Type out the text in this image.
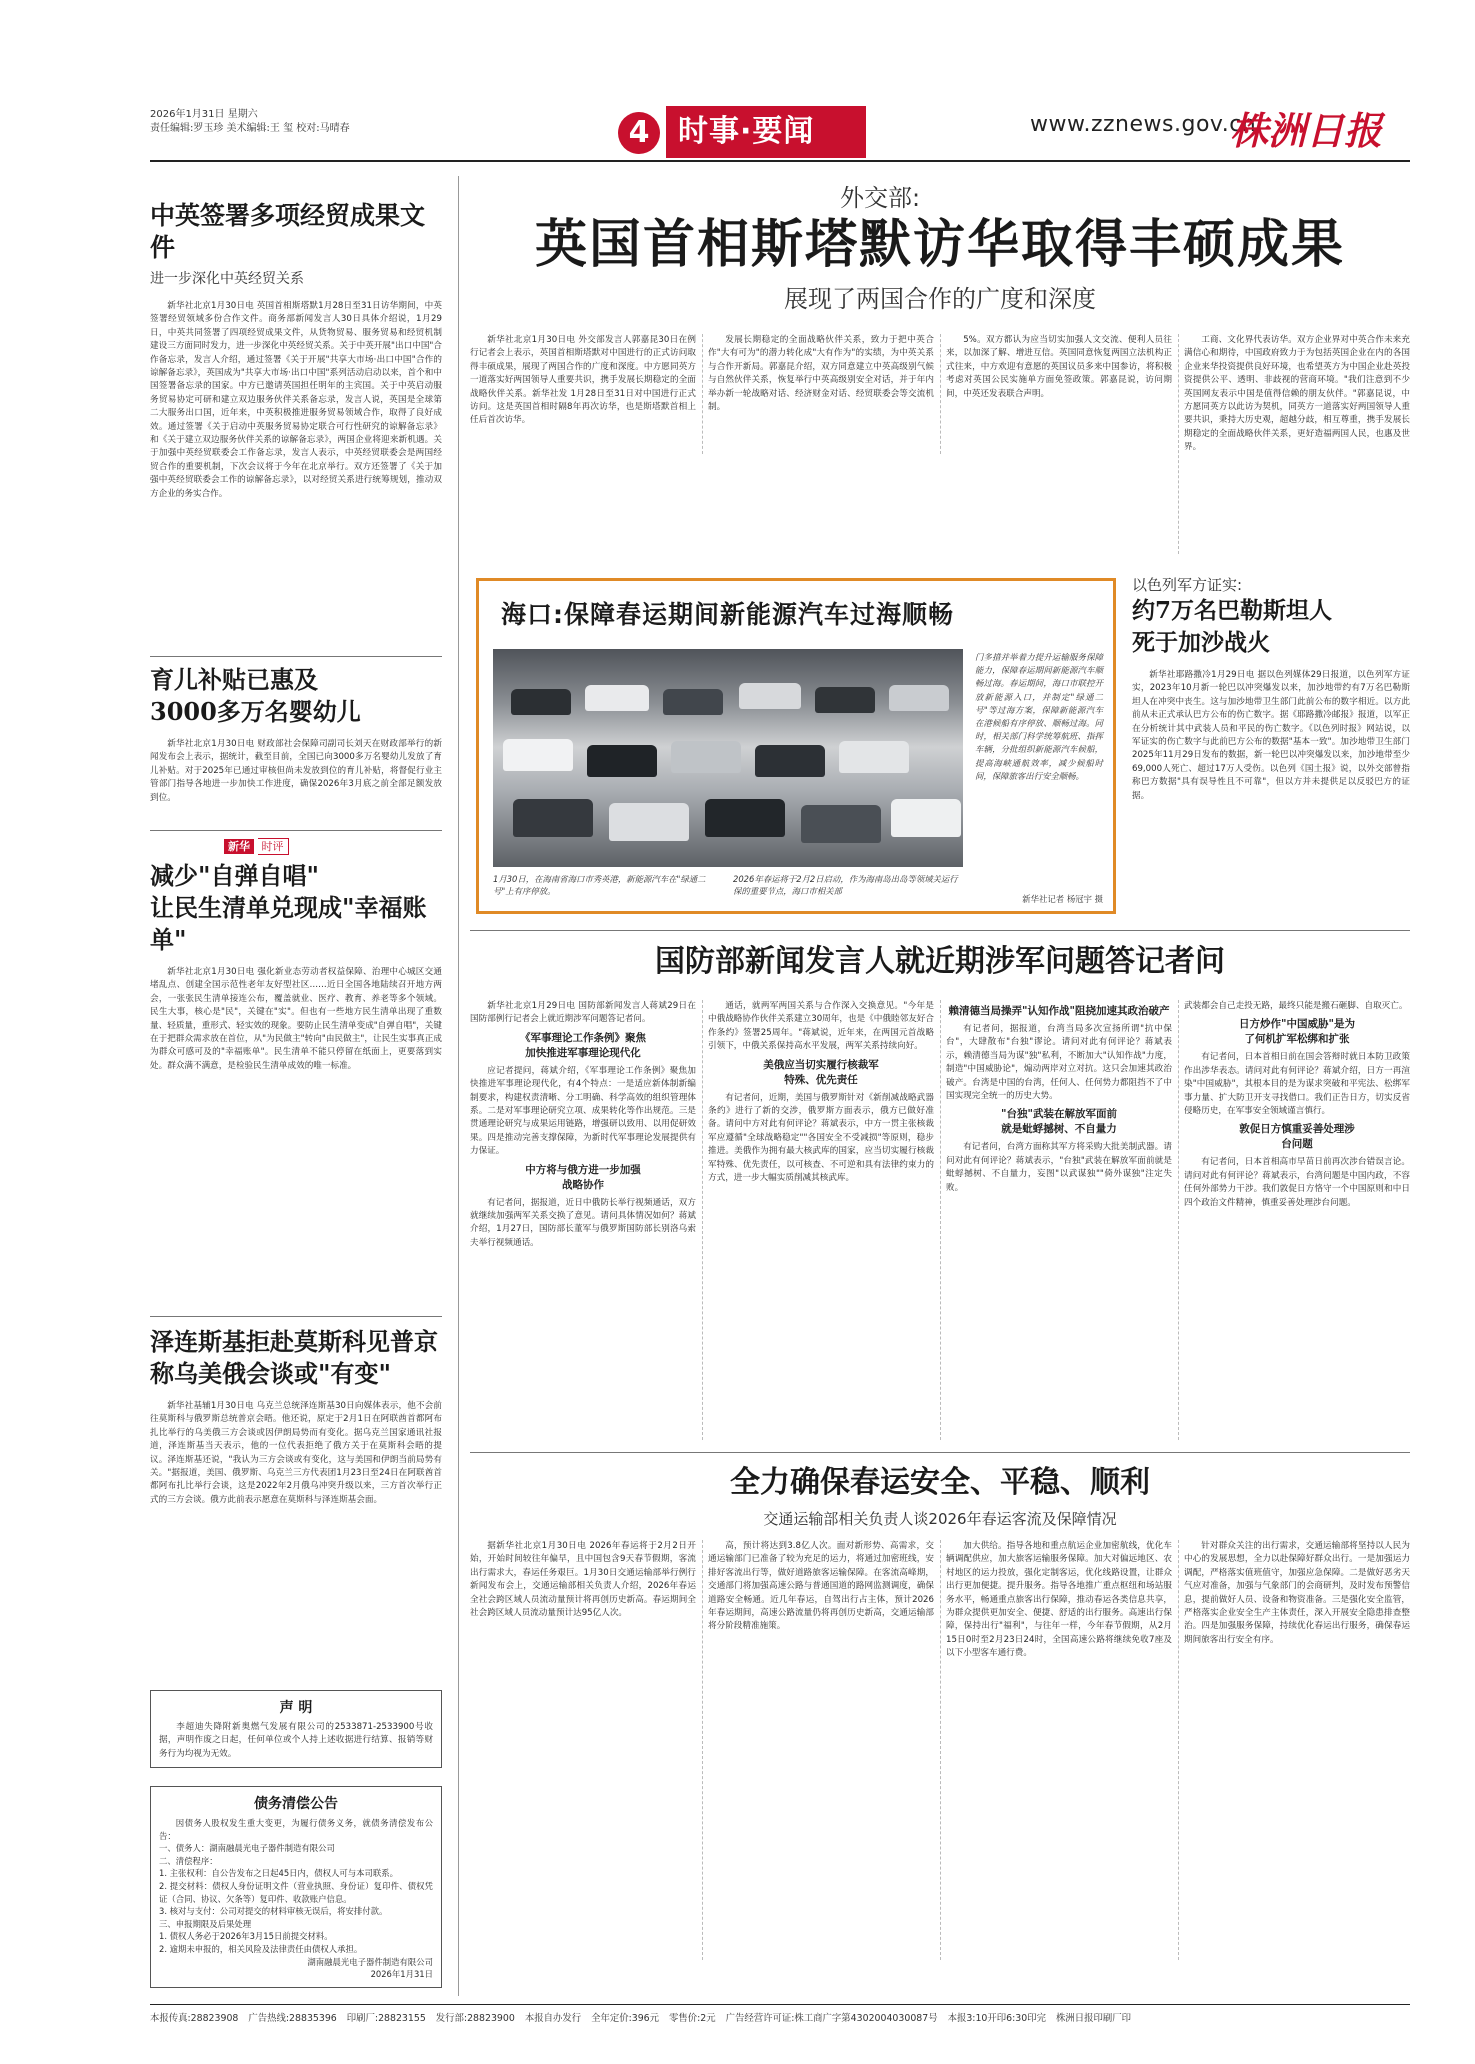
2026年1月31日 星期六
责任编辑:罗玉珍 美术编辑:王 玺 校对:马晴春	4 时事·要闻	www.zznews.gov.cn
株洲日报
中英签署多项经贸成果文件
进一步深化中英经贸关系
新华社北京1月30日电 英国首相斯塔默1月28日至31日访华期间，中英签署经贸领域多份合作文件。商务部新闻发言人30日具体介绍说，1月29日，中英共同签署了四项经贸成果文件，从货物贸易、服务贸易和经贸机制建设三方面同时发力，进一步深化中英经贸关系。关于中英开展"出口中国"合作备忘录，发言人介绍，通过签署《关于开展"共享大市场·出口中国"合作的谅解备忘录》，英国成为"共享大市场·出口中国"系列活动启动以来，首个和中国签署备忘录的国家。中方已邀请英国担任明年的主宾国。关于中英启动服务贸易协定可研和建立双边服务伙伴关系备忘录，发言人说，英国是全球第二大服务出口国，近年来，中英积极推进服务贸易领域合作，取得了良好成效。通过签署《关于启动中英服务贸易协定联合可行性研究的谅解备忘录》和《关于建立双边服务伙伴关系的谅解备忘录》，两国企业将迎来新机遇。关于加强中英经贸联委会工作备忘录，发言人表示，中英经贸联委会是两国经贸合作的重要机制，下次会议将于今年在北京举行。双方还签署了《关于加强中英经贸联委会工作的谅解备忘录》，以对经贸关系进行统筹规划，推动双方企业的务实合作。
育儿补贴已惠及
3000多万名婴幼儿
新华社北京1月30日电 财政部社会保障司副司长刘天在财政部举行的新闻发布会上表示，据统计，截至目前，全国已向3000多万名婴幼儿发放了育儿补贴。对于2025年已通过审核但尚未发放到位的育儿补贴，将督促行业主管部门指导各地进一步加快工作进度，确保2026年3月底之前全部足额发放到位。
新华 时评
减少"自弹自唱"
让民生清单兑现成"幸福账单"
新华社北京1月30日电 强化新业态劳动者权益保障、治理中心城区交通堵乱点、创建全国示范性老年友好型社区……近日全国各地陆续召开地方两会，一张张民生清单接连公布，覆盖就业、医疗、教育、养老等多个领域。民生大事，核心是"民"，关键在"实"。但也有一些地方民生清单出现了重数量、轻质量，重形式、轻实效的现象。要防止民生清单变成"自弹自唱"，关键在于把群众需求放在首位，从"为民做主"转向"由民做主"，让民生实事真正成为群众可感可及的"幸福账单"。民生清单不能只停留在纸面上，更要落到实处。群众满不满意，是检验民生清单成效的唯一标准。
泽连斯基拒赴莫斯科见普京
称乌美俄会谈或"有变"
新华社基辅1月30日电 乌克兰总统泽连斯基30日向媒体表示，他不会前往莫斯科与俄罗斯总统普京会晤。他还说，原定于2月1日在阿联酋首都阿布扎比举行的乌美俄三方会谈或因伊朗局势而有变化。据乌克兰国家通讯社报道，泽连斯基当天表示，他的一位代表拒绝了俄方关于在莫斯科会晤的提议。泽连斯基还说，"我认为三方会谈或有变化，这与美国和伊朗当前局势有关。"据报道，美国、俄罗斯、乌克兰三方代表团1月23日至24日在阿联酋首都阿布扎比举行会谈，这是2022年2月俄乌冲突升级以来，三方首次举行正式的三方会谈。俄方此前表示愿意在莫斯科与泽连斯基会面。
声 明
李超迪失降附新奥燃气发展有限公司的2533871-2533900号收据，声明作废之日起，任何单位或个人持上述收据进行结算、报销等财务行为均视为无效。
债务清偿公告
因债务人股权发生重大变更，为履行债务义务，就债务清偿发布公告：
一、债务人：湖南融晨光电子器件制造有限公司
二、清偿程序：
1. 主张权利：自公告发布之日起45日内，债权人可与本司联系。
2. 提交材料：债权人身份证明文件（营业执照、身份证）复印件、债权凭证（合同、协议、欠条等）复印件、收款账户信息。
3. 核对与支付：公司对提交的材料审核无误后，将安排付款。
三、申报期限及后果处理
1. 债权人务必于2026年3月15日前提交材料。
2. 逾期未申报的，相关风险及法律责任由债权人承担。
湖南融晨光电子器件制造有限公司
2026年1月31日
外交部:
英国首相斯塔默访华取得丰硕成果
展现了两国合作的广度和深度
新华社北京1月30日电 外交部发言人郭嘉昆30日在例行记者会上表示，英国首相斯塔默对中国进行的正式访问取得丰硕成果，展现了两国合作的广度和深度。中方愿同英方一道落实好两国领导人重要共识，携手发展长期稳定的全面战略伙伴关系。新华社发 1月28日至31日对中国进行正式访问。这是英国首相时隔8年再次访华，也是斯塔默首相上任后首次访华。
发展长期稳定的全面战略伙伴关系，致力于把中英合作"大有可为"的潜力转化成"大有作为"的实绩，为中英关系与合作开新局。郭嘉昆介绍，双方同意建立中英高级别气候与自然伙伴关系，恢复举行中英高级别安全对话，并于年内举办新一轮战略对话、经济财金对话、经贸联委会等交流机制。
5%。双方都认为应当切实加强人文交流、便利人员往来，以加深了解、增进互信。英国同意恢复两国立法机构正式往来，中方欢迎有意愿的英国议员多来中国参访，将积极考虑对英国公民实施单方面免签政策。郭嘉昆说，访问期间，中英还发表联合声明。
工商、文化界代表访华。双方企业界对中英合作未来充满信心和期待，中国政府致力于为包括英国企业在内的各国企业来华投资提供良好环境，也希望英方为中国企业赴英投资提供公平、透明、非歧视的营商环境。"我们注意到不少英国网友表示中国是值得信赖的朋友伙伴。"郭嘉昆说，中方愿同英方以此访为契机，同英方一道落实好两国领导人重要共识，秉持大历史观，超越分歧，相互尊重，携手发展长期稳定的全面战略伙伴关系，更好造福两国人民，也惠及世界。
海口:保障春运期间新能源汽车过海顺畅
1月30日，在海南省海口市秀英港，新能源汽车在"绿通二号"上有序停放。
2026年春运将于2月2日启动，作为海南岛出岛等领域关运行保的重要节点，海口市相关部
门多措并举着力提升运输服务保障能力，保障春运期间新能源汽车顺畅过海。春运期间，海口市联控开放新能源入口，并制定"绿通二号"等过海方案，保障新能源汽车在港候船有序停放、顺畅过海。同时，相关部门科学统筹航班、指挥车辆，分批组织新能源汽车候船，提高海峡通航效率，减少候船时间，保障旅客出行安全顺畅。
新华社记者 杨冠宇 摄
以色列军方证实:
约7万名巴勒斯坦人
死于加沙战火
新华社耶路撒冷1月29日电 据以色列媒体29日报道，以色列军方证实，2023年10月新一轮巴以冲突爆发以来，加沙地带约有7万名巴勒斯坦人在冲突中丧生。这与加沙地带卫生部门此前公布的数字相近。以方此前从未正式承认巴方公布的伤亡数字。据《耶路撒冷邮报》报道，以军正在分析统计其中武装人员和平民的伤亡数字。《以色列时报》网站说，以军证实的伤亡数字与此前巴方公布的数据"基本一致"。加沙地带卫生部门2025年11月29日发布的数据，新一轮巴以冲突爆发以来，加沙地带至少69,000人死亡、超过17万人受伤。以色列《国土报》说，以外交部曾指称巴方数据"具有误导性且不可靠"，但以方并未提供足以反驳巴方的证据。
国防部新闻发言人就近期涉军问题答记者问
新华社北京1月29日电 国防部新闻发言人蒋斌29日在国防部例行记者会上就近期涉军问题答记者问。
《军事理论工作条例》聚焦
加快推进军事理论现代化
应记者提问，蒋斌介绍，《军事理论工作条例》聚焦加快推进军事理论现代化，有4个特点：一是适应新体制新编制要求，构建权责清晰、分工明确、科学高效的组织管理体系。二是对军事理论研究立项、成果转化等作出规范。三是贯通理论研究与成果运用链路，增强研以致用、以用促研效果。四是推动完善支撑保障，为新时代军事理论发展提供有力保证。
中方将与俄方进一步加强
战略协作
有记者问，据报道，近日中俄防长举行视频通话，双方就继续加强两军关系交换了意见。请问具体情况如何？蒋斌介绍，1月27日，国防部长董军与俄罗斯国防部长别洛乌索夫举行视频通话。
通话，就两军两国关系与合作深入交换意见。"今年是中俄战略协作伙伴关系建立30周年，也是《中俄睦邻友好合作条约》签署25周年。"蒋斌说，近年来，在两国元首战略引领下，中俄关系保持高水平发展，两军关系持续向好。
美俄应当切实履行核裁军
特殊、优先责任
有记者问，近期，美国与俄罗斯针对《新削减战略武器条约》进行了新的交涉，俄罗斯方面表示，俄方已做好准备。请问中方对此有何评论？蒋斌表示，中方一贯主张核裁军应遵循"全球战略稳定""各国安全不受减损"等原则，稳步推进。美俄作为拥有最大核武库的国家，应当切实履行核裁军特殊、优先责任，以可核查、不可逆和具有法律约束力的方式，进一步大幅实质削减其核武库。
赖清德当局操弄"认知作战"阻挠加速其政治破产
有记者问，据报道，台湾当局多次宣扬所谓"抗中保台"，大肆散布"台独"谬论。请问对此有何评论？蒋斌表示，赖清德当局为谋"独"私利，不断加大"认知作战"力度，制造"中国威胁论"，煽动两岸对立对抗。这只会加速其政治破产。台湾是中国的台湾，任何人、任何势力都阻挡不了中国实现完全统一的历史大势。
"台独"武装在解放军面前
就是蚍蜉撼树、不自量力
有记者问，台湾方面称其军方将采购大批美制武器。请问对此有何评论？蒋斌表示，"台独"武装在解放军面前就是蚍蜉撼树、不自量力，妄图"以武谋独""倚外谋独"注定失败。
武装都会自己走投无路，最终只能是搬石砸脚、自取灭亡。
日方炒作"中国威胁"是为
了何机扩军松绑和扩张
有记者问，日本首相日前在国会答辩时就日本防卫政策作出涉华表态。请问对此有何评论？蒋斌介绍，日方一再渲染"中国威胁"，其根本目的是为谋求突破和平宪法、松绑军事力量、扩大防卫开支寻找借口。我们正告日方，切实反省侵略历史，在军事安全领域谨言慎行。
敦促日方慎重妥善处理涉
台问题
有记者问，日本首相高市早苗日前再次涉台错误言论。请问对此有何评论？蒋斌表示，台湾问题是中国内政，不容任何外部势力干涉。我们敦促日方恪守一个中国原则和中日四个政治文件精神，慎重妥善处理涉台问题。
全力确保春运安全、平稳、顺利
交通运输部相关负责人谈2026年春运客流及保障情况
据新华社北京1月30日电 2026年春运将于2月2日开始，开始时间较往年偏早，且中国包含9天春节假期，客流出行需求大，春运任务艰巨。1月30日交通运输部举行例行新闻发布会上，交通运输部相关负责人介绍，2026年春运全社会跨区域人员流动量预计将再创历史新高。春运期间全社会跨区域人员流动量预计达95亿人次。
高，预计将达到3.8亿人次。面对新形势、高需求，交通运输部门已准备了较为充足的运力，将通过加密班线，安排好客流出行等，做好道路旅客运输保障。在客流高峰期，交通部门将加强高速公路与普通国道的路网监测调度，确保道路安全畅通。近几年春运，自驾出行占主体，预计2026年春运期间，高速公路流量仍将再创历史新高，交通运输部将分阶段精准施策。
加大供给。指导各地和重点航运企业加密航线，优化车辆调配供应，加大旅客运输服务保障。加大对偏远地区、农村地区的运力投放，强化定制客运，优化线路设置，让群众出行更加便捷。提升服务。指导各地推广重点枢纽和场站服务水平，畅通重点旅客出行保障，推动春运各类信息共享，为群众提供更加安全、便捷、舒适的出行服务。高速出行保障，保持出行"福利"，与往年一样，今年春节假期，从2月15日0时至2月23日24时，全国高速公路将继续免收7座及以下小型客车通行费。
针对群众关注的出行需求，交通运输部将坚持以人民为中心的发展思想，全力以赴保障好群众出行。一是加强运力调配，严格落实值班值守，加强应急保障。二是做好恶劣天气应对准备，加强与气象部门的会商研判，及时发布预警信息，提前做好人员、设备和物资准备。三是强化安全监管，严格落实企业安全生产主体责任，深入开展安全隐患排查整治。四是加强服务保障，持续优化春运出行服务，确保春运期间旅客出行安全有序。
本报传真:28823908 广告热线:28835396 印刷厂:28823155 发行部:28823900 本报自办发行 全年定价:396元 零售价:2元 广告经营许可证:株工商广字第4302004030087号 本报3:10开印6:30印完 株洲日报印刷厂印
